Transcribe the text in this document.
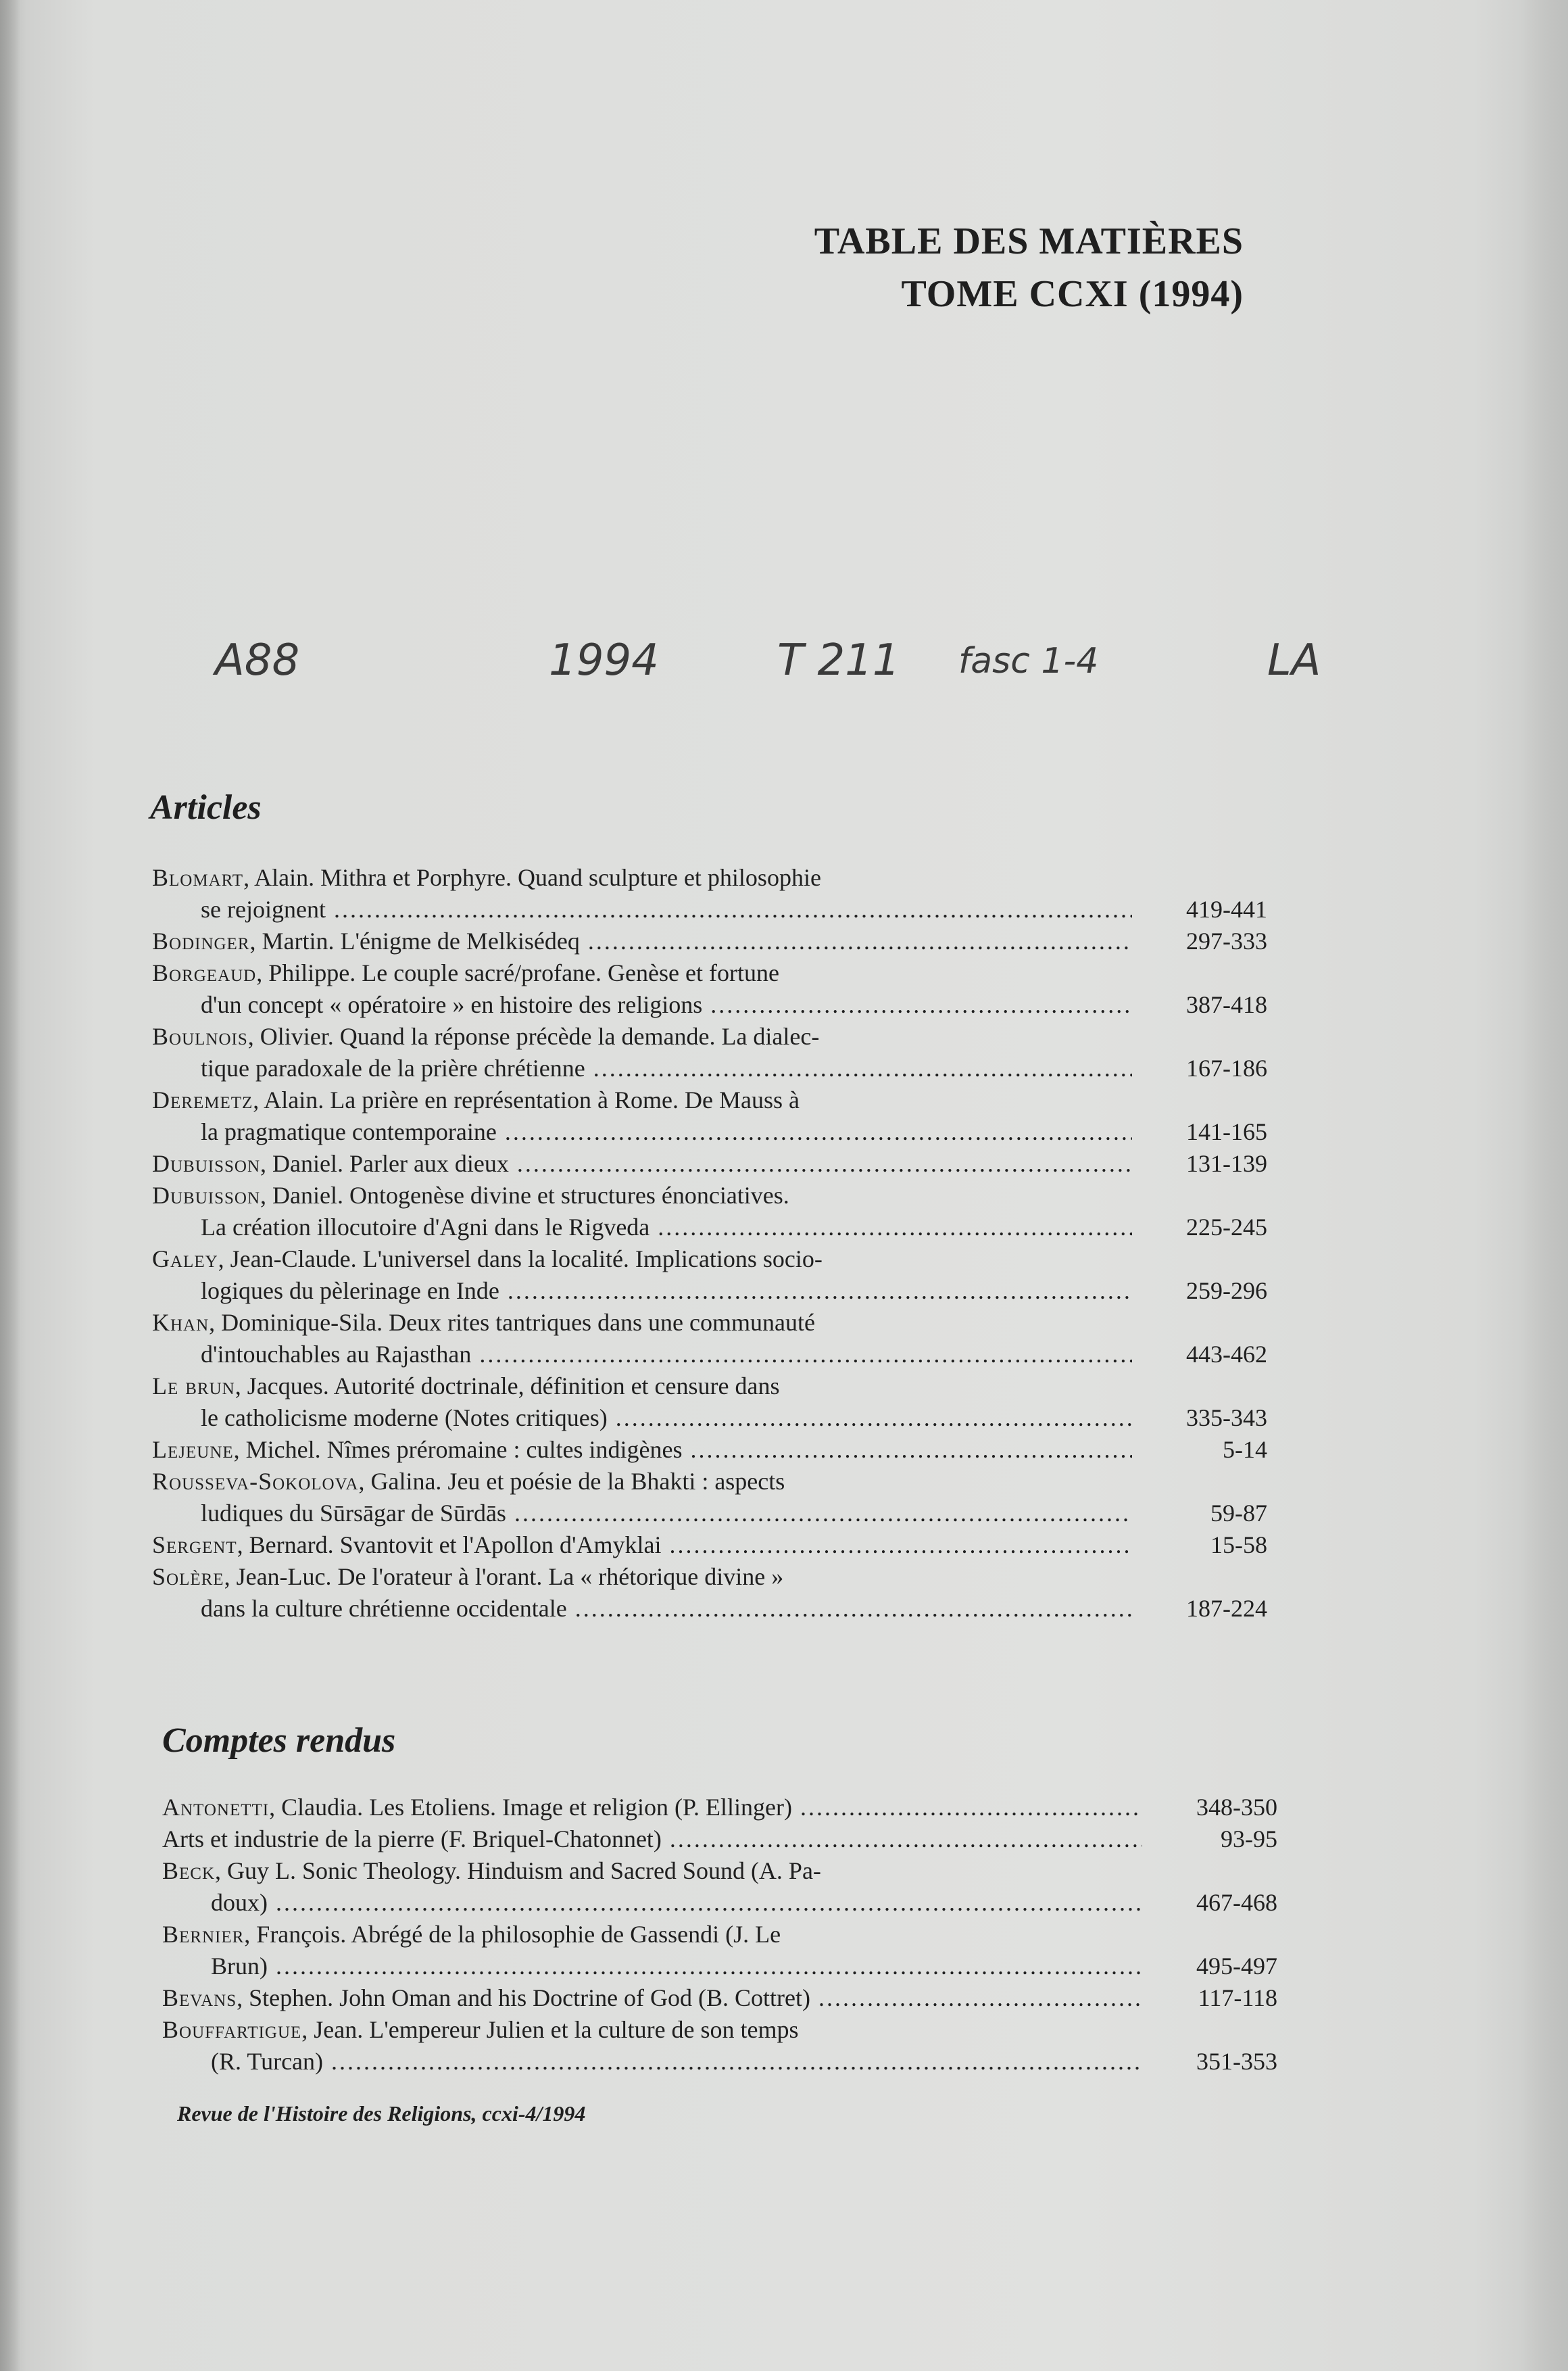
TABLE DES MATIÈRES
TOME CCXI (1994)
A88	1994	T 211 fasc 1-4	LA
Articles
Blomart, Alain. Mithra et Porphyre. Quand sculpture et philosophie
se rejoignent .....	419-441
Bodinger, Martin. L'énigme de Melkisédeq .....	297-333
Borgeaud, Philippe. Le couple sacré/profane. Genèse et fortune
d'un concept « opératoire » en histoire des religions .....	387-418
Boulnois, Olivier. Quand la réponse précède la demande. La dialec-
tique paradoxale de la prière chrétienne .....	167-186
Deremetz, Alain. La prière en représentation à Rome. De Mauss à
la pragmatique contemporaine .....	141-165
Dubuisson, Daniel. Parler aux dieux .....	131-139
Dubuisson, Daniel. Ontogenèse divine et structures énonciatives.
La création illocutoire d'Agni dans le Rigveda .....	225-245
Galey, Jean-Claude. L'universel dans la localité. Implications socio-
logiques du pèlerinage en Inde .....	259-296
Khan, Dominique-Sila. Deux rites tantriques dans une communauté
d'intouchables au Rajasthan .....	443-462
Le brun, Jacques. Autorité doctrinale, définition et censure dans
le catholicisme moderne (Notes critiques) .....	335-343
Lejeune, Michel. Nîmes préromaine : cultes indigènes .....	5-14
Rousseva-Sokolova, Galina. Jeu et poésie de la Bhakti : aspects
ludiques du Sūrsāgar de Sūrdās .....	59-87
Sergent, Bernard. Svantovit et l'Apollon d'Amyklai .....	15-58
Solère, Jean-Luc. De l'orateur à l'orant. La « rhétorique divine »
dans la culture chrétienne occidentale .....	187-224
Comptes rendus
Antonetti, Claudia. Les Etoliens. Image et religion (P. Ellinger) .....	348-350
Arts et industrie de la pierre (F. Briquel-Chatonnet) .....	93-95
Beck, Guy L. Sonic Theology. Hinduism and Sacred Sound (A. Pa-
doux) .....	467-468
Bernier, François. Abrégé de la philosophie de Gassendi (J. Le
Brun) .....	495-497
Bevans, Stephen. John Oman and his Doctrine of God (B. Cottret) .....	117-118
Bouffartigue, Jean. L'empereur Julien et la culture de son temps
(R. Turcan) .....	351-353
Revue de l'Histoire des Religions, ccxi-4/1994
